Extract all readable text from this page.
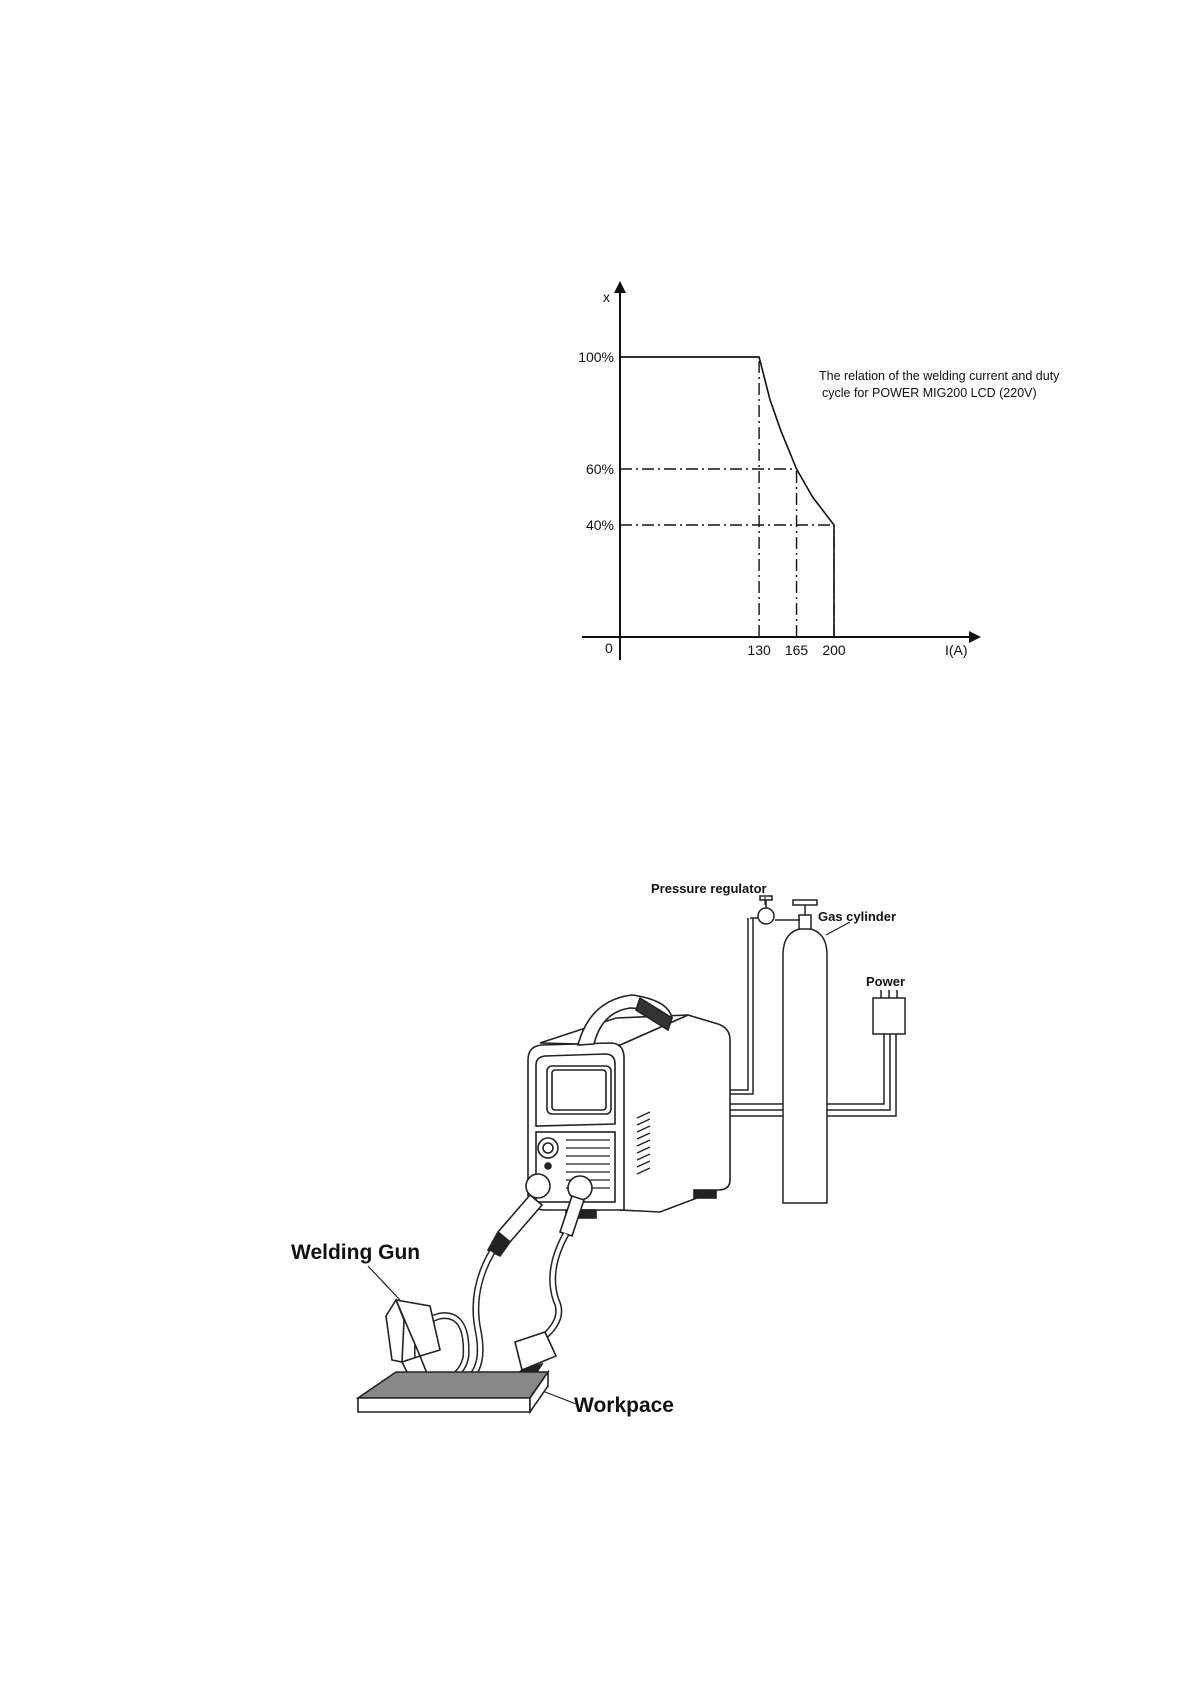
130 165 200
100%
60%
40%
x
I(A)
0
The relation of the welding current and duty
cycle for POWER MIG200 LCD (220V)
Pressure regulator
Gas cylinder
Power
Welding Gun
Workpace
